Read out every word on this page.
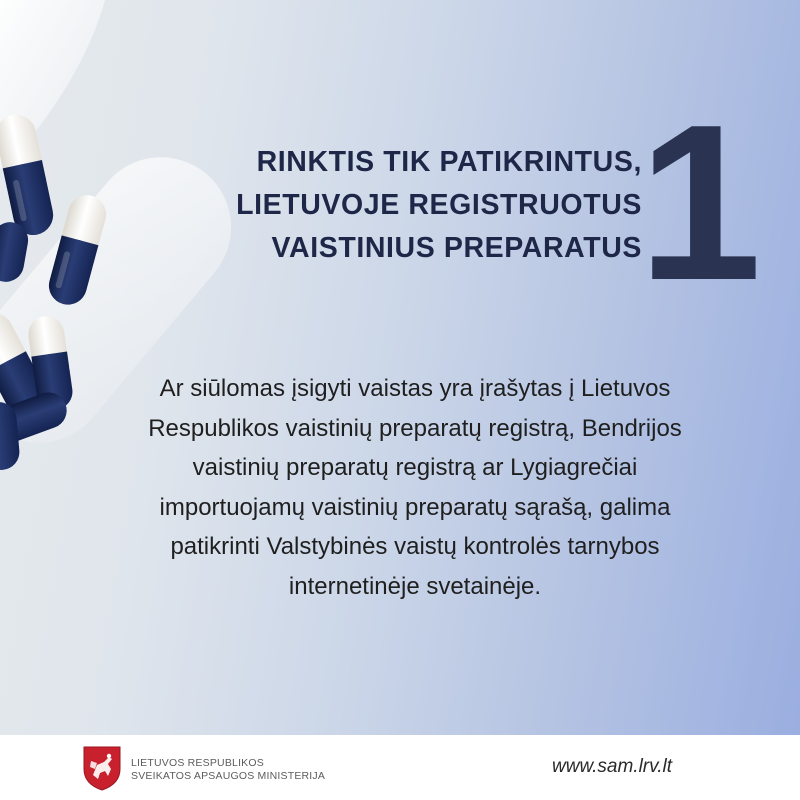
RINKTIS TIK PATIKRINTUS,
LIETUVOJE REGISTRUOTUS
VAISTINIUS PREPARATUS
1
Ar siūlomas įsigyti vaistas yra įrašytas į Lietuvos
Respublikos vaistinių preparatų registrą, Bendrijos
vaistinių preparatų registrą ar Lygiagrečiai
importuojamų vaistinių preparatų sąrašą, galima
patikrinti Valstybinės vaistų kontrolės tarnybos
internetinėje svetainėje.
LIETUVOS RESPUBLIKOS
SVEIKATOS APSAUGOS MINISTERIJA	www.sam.lrv.lt
